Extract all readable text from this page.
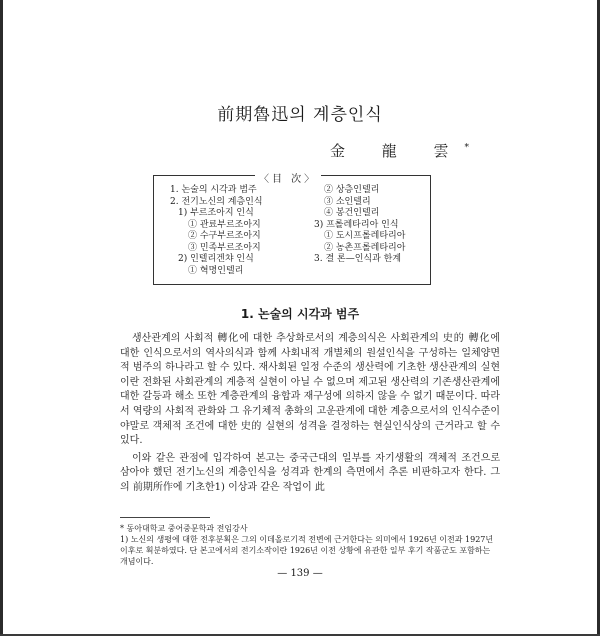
前期魯迅의 계층인식
金 龍 雲*
〈目 次〉
1. 논술의 시각과 범주
2. 전기노신의 계층인식
1) 부르조아지 인식
① 관료부르조아지
② 수구부르조아지
③ 민족부르조아지
2) 인텔리겐챠 인식
① 혁명인텔리
② 상층인텔리
③ 소인텔리
④ 봉건인텔리
3) 프롤레타리아 인식
① 도시프롤레타리아
② 농촌프롤레타리아
3. 결 론—인식과 한계
1. 논술의 시각과 범주

생산관계의 사회적 轉化에 대한 추상화로서의 계층의식은 사회관계의 史的 轉化에 대한 인식으로서의 역사의식과 함께 사회내적 개별체의 원설인식을 구성하는 일체양면적 범주의 하나라고 할 수 있다. 재사회된 일정 수준의 생산력에 기초한 생산관계의 실현이란 전화된 사회관계의 계층적 실현이 아닐 수 없으며 제고된 생산력의 기존생산관계에 대한 갈등과 해소 또한 계층관계의 융합과 재구성에 의하지 않을 수 없기 때문이다. 따라서 역량의 사회적 관화와 그 유기체적 총화의 고운관계에 대한 계층으로서의 인식수준이야말로 객체적 조건에 대한 史的 실현의 성격을 결정하는 현실인식상의 근거라고 할 수 있다.

이와 같은 관점에 입각하여 본고는 중국근대의 일부를 자기생활의 객체적 조건으로 삼아야 했던 전기노신의 계층인식을 성격과 한계의 측면에서 추론 비판하고자 한다. 그의 前期所作에 기초한1) 이상과 같은 작업이 此

* 동아대학교 중어중문학과 전임강사
1) 노신의 생평에 대한 전후분획은 그의 이데올로기적 전변에 근거한다는 의미에서 1926년 이전과 1927년 이후로 획분하였다. 단 본고에서의 전기소작이란 1926년 이전 상황에 유관한 일부 후기 작품군도 포함하는 개념이다.
— 139 —
